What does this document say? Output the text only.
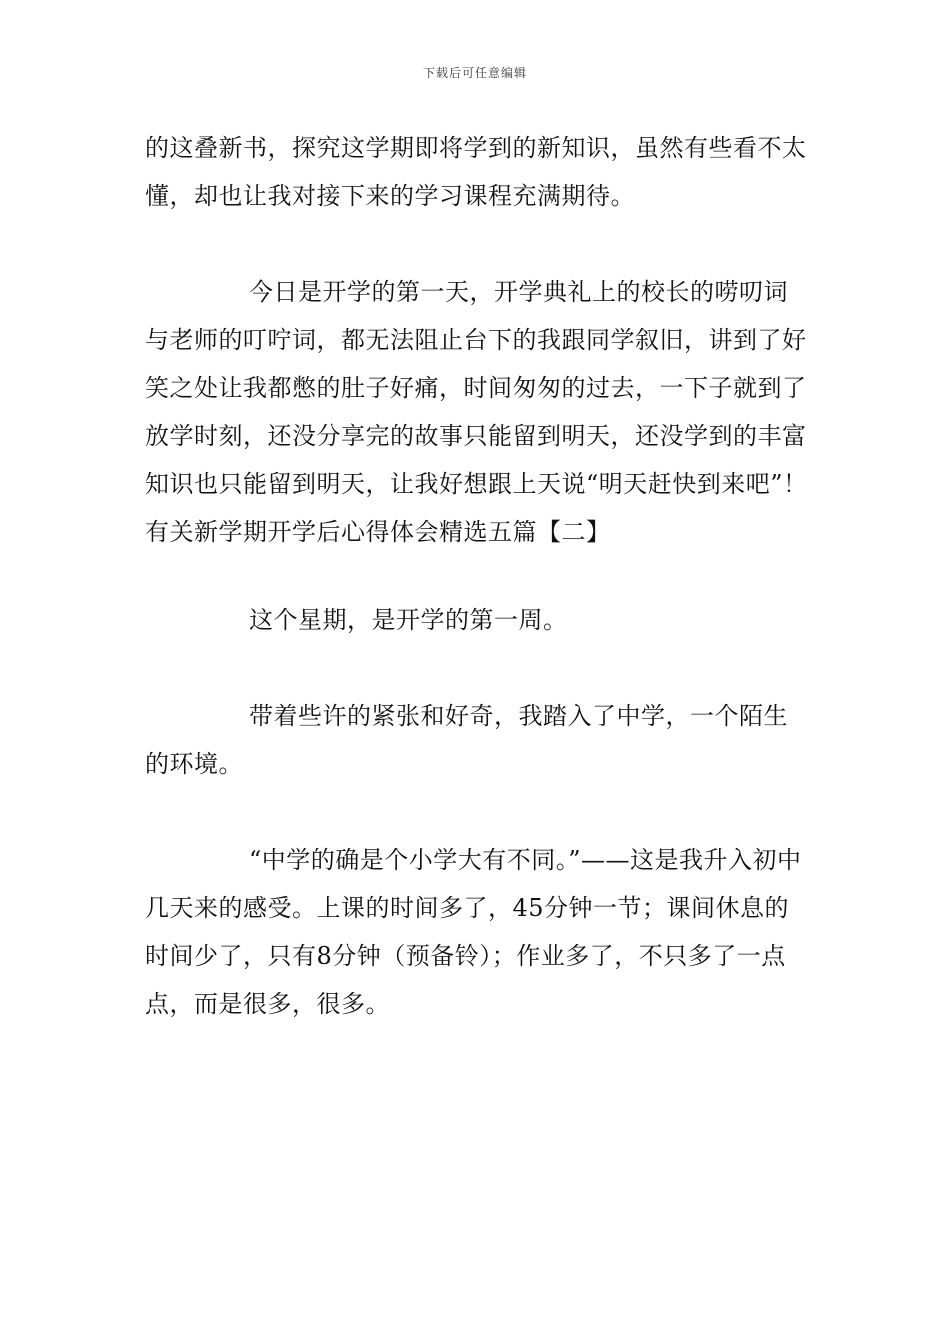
下载后可任意编辑

的这叠新书，探究这学期即将学到的新知识，虽然有些看不太懂，却也让我对接下来的学习课程充满期待。

今日是开学的第一天，开学典礼上的校长的唠叨词与老师的叮咛词，都无法阻止台下的我跟同学叙旧，讲到了好笑之处让我都憋的肚子好痛，时间匆匆的过去，一下子就到了放学时刻，还没分享完的故事只能留到明天，还没学到的丰富知识也只能留到明天，让我好想跟上天说“明天赶快到来吧”！

有关新学期开学后心得体会精选五篇【二】

这个星期，是开学的第一周。

带着些许的紧张和好奇，我踏入了中学，一个陌生的环境。

“中学的确是个小学大有不同。”——这是我升入初中几天来的感受。上课的时间多了，45分钟一节；课间休息的时间少了，只有8分钟（预备铃）；作业多了，不只多了一点点，而是很多，很多。
